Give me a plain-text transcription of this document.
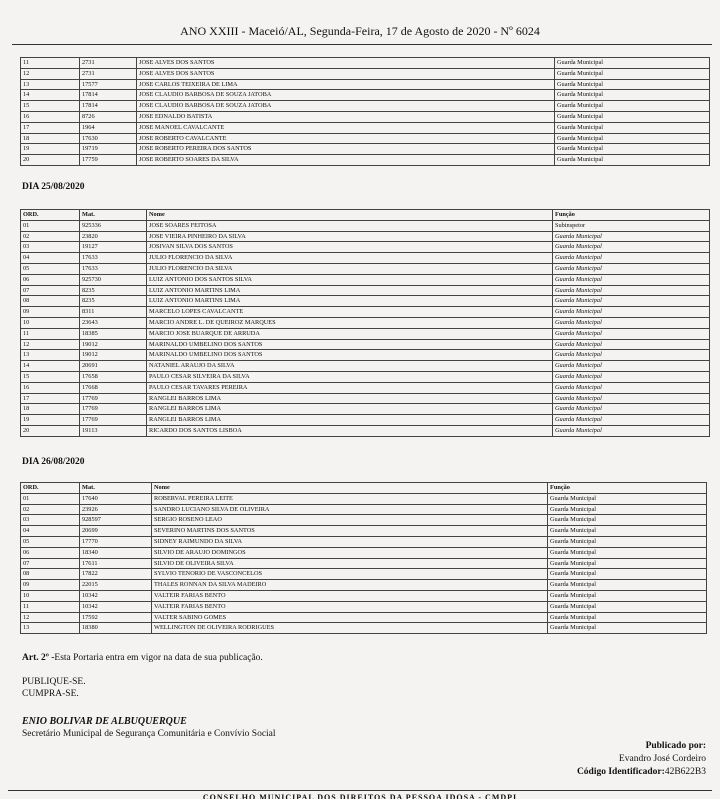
ANO XXIII - Maceió/AL, Segunda-Feira, 17 de Agosto de 2020 - Nº 6024
11	2731	JOSE ALVES DOS SANTOS	Guarda Municipal
12	2731	JOSE ALVES DOS SANTOS	Guarda Municipal
13	17577	JOSE CARLOS TEIXEIRA DE LIMA	Guarda Municipal
14	17814	JOSE CLAUDIO BARBOSA DE SOUZA JATOBA	Guarda Municipal
15	17814	JOSE CLAUDIO BARBOSA DE SOUZA JATOBA	Guarda Municipal
16	8726	JOSE EDNALDO BATISTA	Guarda Municipal
17	1964	JOSE MANOEL CAVALCANTE	Guarda Municipal
18	17630	JOSE ROBERTO CAVALCANTE	Guarda Municipal
19	19719	JOSE ROBERTO PEREIRA DOS SANTOS	Guarda Municipal
20	17759	JOSE ROBERTO SOARES DA SILVA	Guarda Municipal
DIA 25/08/2020
ORD.	Mat.	Nome	Função
01	925336	JOSE SOARES FEITOSA	Subinspetor
02	23820	JOSE VIEIRA PINHEIRO DA SILVA	Guarda Municipal
03	19127	JOSIVAN SILVA DOS SANTOS	Guarda Municipal
04	17633	JULIO FLORENCIO DA SILVA	Guarda Municipal
05	17633	JULIO FLORENCIO DA SILVA	Guarda Municipal
06	925730	LUIZ ANTONIO DOS SANTOS SILVA	Guarda Municipal
07	8235	LUIZ ANTONIO MARTINS LIMA	Guarda Municipal
08	8235	LUIZ ANTONIO MARTINS LIMA	Guarda Municipal
09	8311	MARCELO LOPES CAVALCANTE	Guarda Municipal
10	23643	MARCIO ANDRE L. DE QUEIROZ MARQUES	Guarda Municipal
11	18385	MARCIO JOSE BUARQUE DE ARRUDA	Guarda Municipal
12	19012	MARINALDO UMBELINO DOS SANTOS	Guarda Municipal
13	19012	MARINALDO UMBELINO DOS SANTOS	Guarda Municipal
14	20691	NATANIEL ARAUJO DA SILVA	Guarda Municipal
15	17658	PAULO CESAR SILVEIRA DA SILVA	Guarda Municipal
16	17668	PAULO CESAR TAVARES PEREIRA	Guarda Municipal
17	17769	RANGLEI BARROS LIMA	Guarda Municipal
18	17769	RANGLEI BARROS LIMA	Guarda Municipal
19	17769	RANGLEI BARROS LIMA	Guarda Municipal
20	19113	RICARDO DOS SANTOS LISBOA	Guarda Municipal
DIA 26/08/2020
ORD.	Mat.	Nome	Função
01	17640	ROBERVAL PEREIRA LEITE	Guarda Municipal
02	23926	SANDRO LUCIANO SILVA DE OLIVEIRA	Guarda Municipal
03	928597	SERGIO ROSENO LEAO	Guarda Municipal
04	20699	SEVERINO MARTINS DOS SANTOS	Guarda Municipal
05	17770	SIDNEY RAIMUNDO DA SILVA	Guarda Municipal
06	18340	SILVIO DE ARAUJO DOMINGOS	Guarda Municipal
07	17611	SILVIO DE OLIVEIRA SILVA	Guarda Municipal
08	17822	SYLVIO TENORIO DE VASCONCELOS	Guarda Municipal
09	22015	THALES RONNAN DA SILVA MADEIRO	Guarda Municipal
10	10342	VALTEIR FARIAS BENTO	Guarda Municipal
11	10342	VALTEIR FARIAS BENTO	Guarda Municipal
12	17592	VALTER SABINO GOMES	Guarda Municipal
13	18380	WELLINGTON DE OLIVEIRA RODRIGUES	Guarda Municipal
Art. 2º -Esta Portaria entra em vigor na data de sua publicação.
PUBLIQUE-SE.
CUMPRA-SE.
ENIO BOLIVAR DE ALBUQUERQUE
Secretário Municipal de Segurança Comunitária e Convívio Social
Publicado por:
Evandro José Cordeiro
Código Identificador:42B622B3
CONSELHO MUNICIPAL DOS DIREITOS DA PESSOA IDOSA - CMDPI
